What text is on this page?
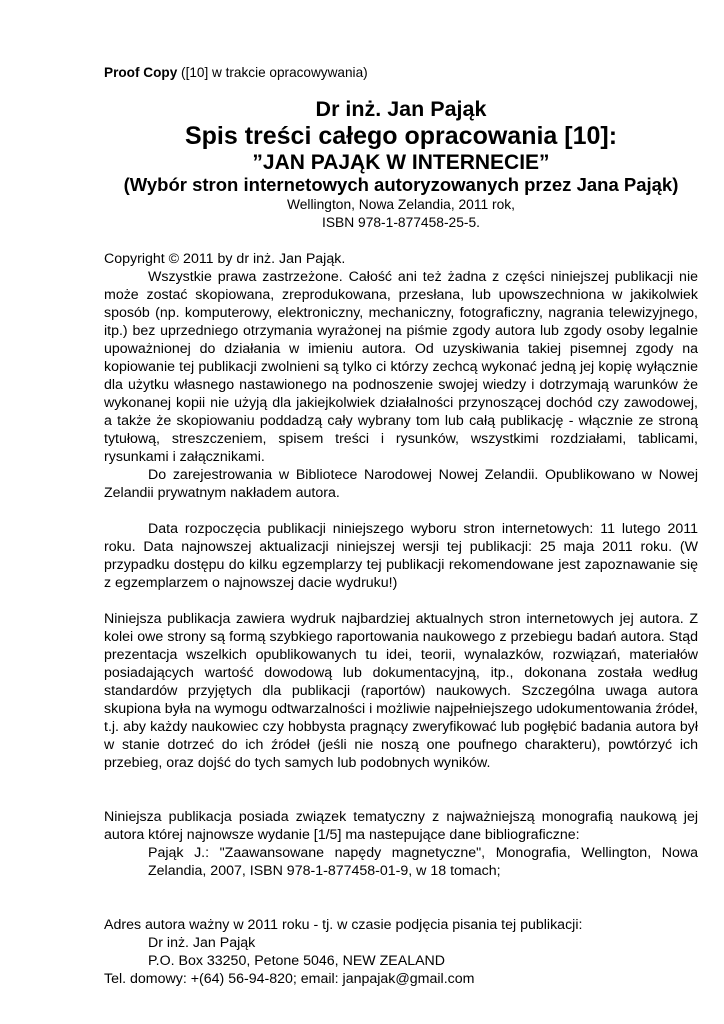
Proof Copy ([10] w trakcie opracowywania)
Dr inż. Jan Pająk
Spis treści całego opracowania [10]:
”JAN PAJĄK W INTERNECIE”
(Wybór stron internetowych autoryzowanych przez Jana Pająk)
Wellington, Nowa Zelandia, 2011 rok,
ISBN 978-1-877458-25-5.

Copyright © 2011 by dr inż. Jan Pająk.

Wszystkie prawa zastrzeżone. Całość ani też żadna z części niniejszej publikacji nie może zostać skopiowana, zreprodukowana, przesłana, lub upowszechniona w jakikolwiek sposób (np. komputerowy, elektroniczny, mechaniczny, fotograficzny, nagrania telewizyjnego, itp.) bez uprzedniego otrzymania wyrażonej na piśmie zgody autora lub zgody osoby legalnie upoważnionej do działania w imieniu autora. Od uzyskiwania takiej pisemnej zgody na kopiowanie tej publikacji zwolnieni są tylko ci którzy zechcą wykonać jedną jej kopię wyłącznie dla użytku własnego nastawionego na podnoszenie swojej wiedzy i dotrzymają warunków że wykonanej kopii nie użyją dla jakiejkolwiek działalności przynoszącej dochód czy zawodowej, a także że skopiowaniu poddadzą cały wybrany tom lub całą publikację - włącznie ze stroną tytułową, streszczeniem, spisem treści i rysunków, wszystkimi rozdziałami, tablicami, rysunkami i załącznikami.

Do zarejestrowania w Bibliotece Narodowej Nowej Zelandii. Opublikowano w Nowej Zelandii prywatnym nakładem autora.

Data rozpoczęcia publikacji niniejszego wyboru stron internetowych: 11 lutego 2011 roku. Data najnowszej aktualizacji niniejszej wersji tej publikacji: 25 maja 2011 roku. (W przypadku dostępu do kilku egzemplarzy tej publikacji rekomendowane jest zapoznawanie się z egzemplarzem o najnowszej dacie wydruku!)

Niniejsza publikacja zawiera wydruk najbardziej aktualnych stron internetowych jej autora. Z kolei owe strony są formą szybkiego raportowania naukowego z przebiegu badań autora. Stąd prezentacja wszelkich opublikowanych tu idei, teorii, wynalazków, rozwiązań, materiałów posiadających wartość dowodową lub dokumentacyjną, itp., dokonana została według standardów przyjętych dla publikacji (raportów) naukowych. Szczególna uwaga autora skupiona była na wymogu odtwarzalności i możliwie najpełniejszego udokumentowania źródeł, t.j. aby każdy naukowiec czy hobbysta pragnący zweryfikować lub pogłębić badania autora był w stanie dotrzeć do ich źródeł (jeśli nie noszą one poufnego charakteru), powtórzyć ich przebieg, oraz dojść do tych samych lub podobnych wyników.

Niniejsza publikacja posiada związek tematyczny z najważniejszą monografią naukową jej autora której najnowsze wydanie [1/5] ma nastepujące dane bibliograficzne:

Pająk J.: "Zaawansowane napędy magnetyczne", Monografia, Wellington, Nowa Zelandia, 2007, ISBN 978-1-877458-01-9, w 18 tomach;

Adres autora ważny w 2011 roku - tj. w czasie podjęcia pisania tej publikacji:

Dr inż. Jan Pająk

P.O. Box 33250, Petone 5046, NEW ZEALAND

Tel. domowy: +(64) 56-94-820; email: janpajak@gmail.com
